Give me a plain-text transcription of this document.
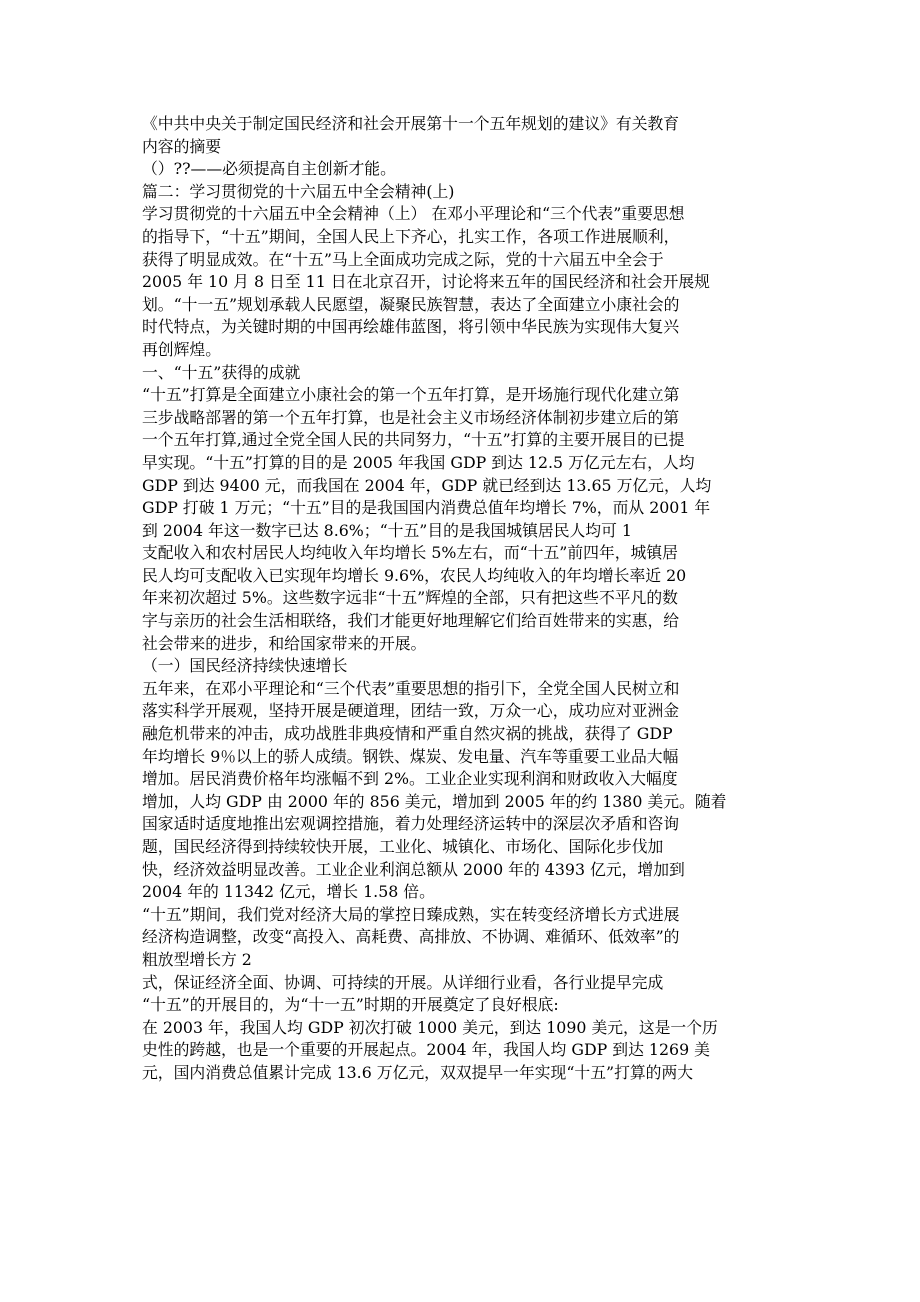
《中共中央关于制定国民经济和社会开展第十一个五年规划的建议》有关教育
内容的摘要
（）??——必须提高自主创新才能。
篇二：学习贯彻党的十六届五中全会精神(上)
学习贯彻党的十六届五中全会精神（上） 在邓小平理论和“三个代表”重要思想
的指导下，“十五”期间，全国人民上下齐心，扎实工作，各项工作进展顺利，
获得了明显成效。在“十五”马上全面成功完成之际，党的十六届五中全会于
2005 年 10 月 8 日至 11 日在北京召开，讨论将来五年的国民经济和社会开展规
划。“十一五”规划承载人民愿望，凝聚民族智慧，表达了全面建立小康社会的
时代特点，为关键时期的中国再绘雄伟蓝图，将引领中华民族为实现伟大复兴
再创辉煌。
一、“十五”获得的成就
“十五”打算是全面建立小康社会的第一个五年打算，是开场施行现代化建立第
三步战略部署的第一个五年打算，也是社会主义市场经济体制初步建立后的第
一个五年打算,通过全党全国人民的共同努力，“十五”打算的主要开展目的已提
早实现。“十五”打算的目的是 2005 年我国 GDP 到达 12.5 万亿元左右，人均
GDP 到达 9400 元，而我国在 2004 年，GDP 就已经到达 13.65 万亿元，人均
GDP 打破 1 万元；“十五”目的是我国国内消费总值年均增长 7%，而从 2001 年
到 2004 年这一数字已达 8.6%；“十五”目的是我国城镇居民人均可 1
支配收入和农村居民人均纯收入年均增长 5%左右，而“十五”前四年，城镇居
民人均可支配收入已实现年均增长 9.6%，农民人均纯收入的年均增长率近 20
年来初次超过 5%。这些数字远非“十五”辉煌的全部，只有把这些不平凡的数
字与亲历的社会生活相联络，我们才能更好地理解它们给百姓带来的实惠，给
社会带来的进步，和给国家带来的开展。
（一）国民经济持续快速增长
五年来，在邓小平理论和“三个代表”重要思想的指引下，全党全国人民树立和
落实科学开展观，坚持开展是硬道理，团结一致，万众一心，成功应对亚洲金
融危机带来的冲击，成功战胜非典疫情和严重自然灾祸的挑战，获得了 GDP
年均增长 9％以上的骄人成绩。钢铁、煤炭、发电量、汽车等重要工业品大幅
增加。居民消费价格年均涨幅不到 2%。工业企业实现利润和财政收入大幅度
增加，人均 GDP 由 2000 年的 856 美元，增加到 2005 年的约 1380 美元。随着
国家适时适度地推出宏观调控措施，着力处理经济运转中的深层次矛盾和咨询
题，国民经济得到持续较快开展，工业化、城镇化、市场化、国际化步伐加
快，经济效益明显改善。工业企业利润总额从 2000 年的 4393 亿元，增加到
2004 年的 11342 亿元，增长 1.58 倍。
“十五”期间，我们党对经济大局的掌控日臻成熟，实在转变经济增长方式进展
经济构造调整，改变“高投入、高耗费、高排放、不协调、难循环、低效率”的
粗放型增长方 2
式，保证经济全面、协调、可持续的开展。从详细行业看，各行业提早完成
“十五”的开展目的，为“十一五”时期的开展奠定了良好根底:
在 2003 年，我国人均 GDP 初次打破 1000 美元，到达 1090 美元，这是一个历
史性的跨越，也是一个重要的开展起点。2004 年，我国人均 GDP 到达 1269 美
元，国内消费总值累计完成 13.6 万亿元，双双提早一年实现“十五”打算的两大
